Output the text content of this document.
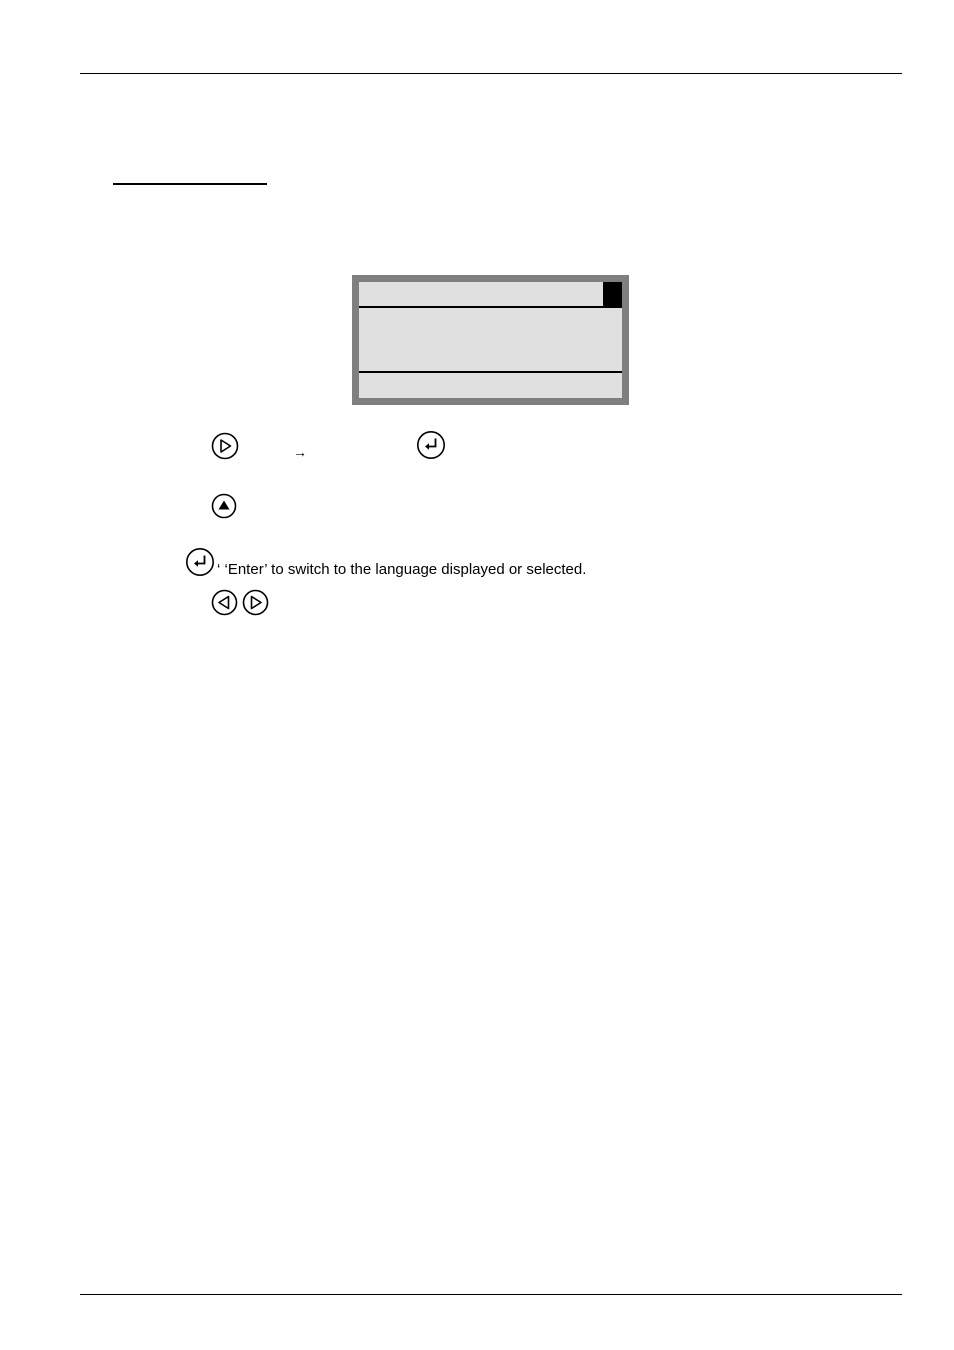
→
‘ ‘Enter’ to switch to the language displayed or selected.
